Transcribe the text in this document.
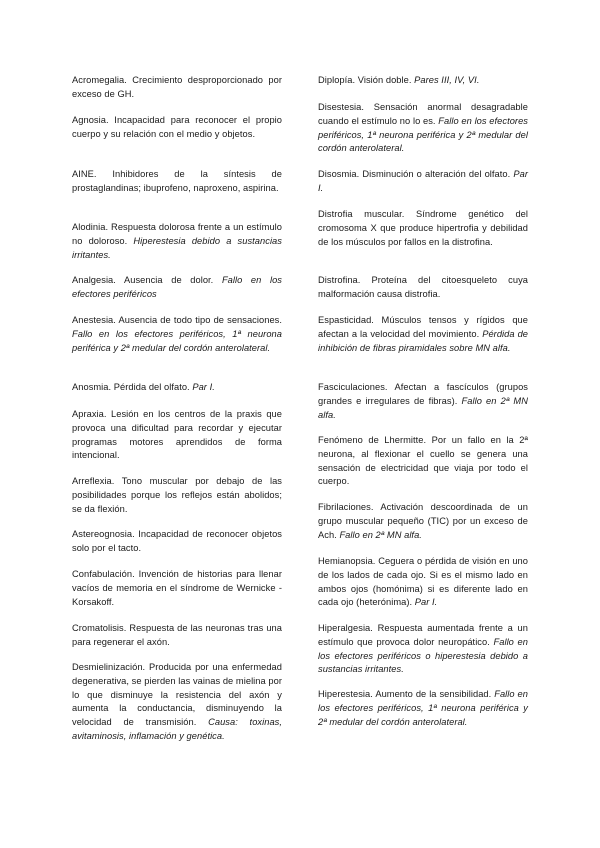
Acromegalia. Crecimiento desproporcionado por exceso de GH.

Agnosia. Incapacidad para reconocer el propio cuerpo y su relación con el medio y objetos.

AINE. Inhibidores de la síntesis de prostaglandinas; ibuprofeno, naproxeno, aspirina.

Alodinia. Respuesta dolorosa frente a un estímulo no doloroso. Hiperestesia debido a sustancias irritantes.

Analgesia. Ausencia de dolor. Fallo en los efectores periféricos

Anestesia. Ausencia de todo tipo de sensaciones. Fallo en los efectores periféricos, 1ª neurona periférica y 2ª medular del cordón anterolateral.

Anosmia. Pérdida del olfato. Par I.

Apraxia. Lesión en los centros de la praxis que provoca una dificultad para recordar y ejecutar programas motores aprendidos de forma intencional.

Arreflexia. Tono muscular por debajo de las posibilidades porque los reflejos están abolidos; se da flexión.

Astereognosia. Incapacidad de reconocer objetos solo por el tacto.

Confabulación. Invención de historias para llenar vacíos de memoria en el síndrome de Wernicke - Korsakoff.

Cromatolisis. Respuesta de las neuronas tras una para regenerar el axón.

Desmielinización. Producida por una enfermedad degenerativa, se pierden las vainas de mielina por lo que disminuye la resistencia del axón y aumenta la conductancia, disminuyendo la velocidad de transmisión. Causa: toxinas, avitaminosis, inflamación y genética.

Diplopía. Visión doble. Pares III, IV, VI.

Disestesia. Sensación anormal desagradable cuando el estímulo no lo es. Fallo en los efectores periféricos, 1ª neurona periférica y 2ª medular del cordón anterolateral.

Disosmia. Disminución o alteración del olfato. Par I.

Distrofia muscular. Síndrome genético del cromosoma X que produce hipertrofia y debilidad de los músculos por fallos en la distrofina.

Distrofina. Proteína del citoesqueleto cuya malformación causa distrofia.

Espasticidad. Músculos tensos y rígidos que afectan a la velocidad del movimiento. Pérdida de inhibición de fibras piramidales sobre MN alfa.

Fasciculaciones. Afectan a fascículos (grupos grandes e irregulares de fibras). Fallo en 2ª MN alfa.

Fenómeno de Lhermitte. Por un fallo en la 2ª neurona, al flexionar el cuello se genera una sensación de electricidad que viaja por todo el cuerpo.

Fibrilaciones. Activación descoordinada de un grupo muscular pequeño (TIC) por un exceso de Ach. Fallo en 2ª MN alfa.

Hemianopsia. Ceguera o pérdida de visión en uno de los lados de cada ojo. Si es el mismo lado en ambos ojos (homónima) si es diferente lado en cada ojo (heterónima). Par I.

Hiperalgesia. Respuesta aumentada frente a un estímulo que provoca dolor neuropático. Fallo en los efectores periféricos o hiperestesia debido a sustancias irritantes.

Hiperestesia. Aumento de la sensibilidad. Fallo en los efectores periféricos, 1ª neurona periférica y 2ª medular del cordón anterolateral.
